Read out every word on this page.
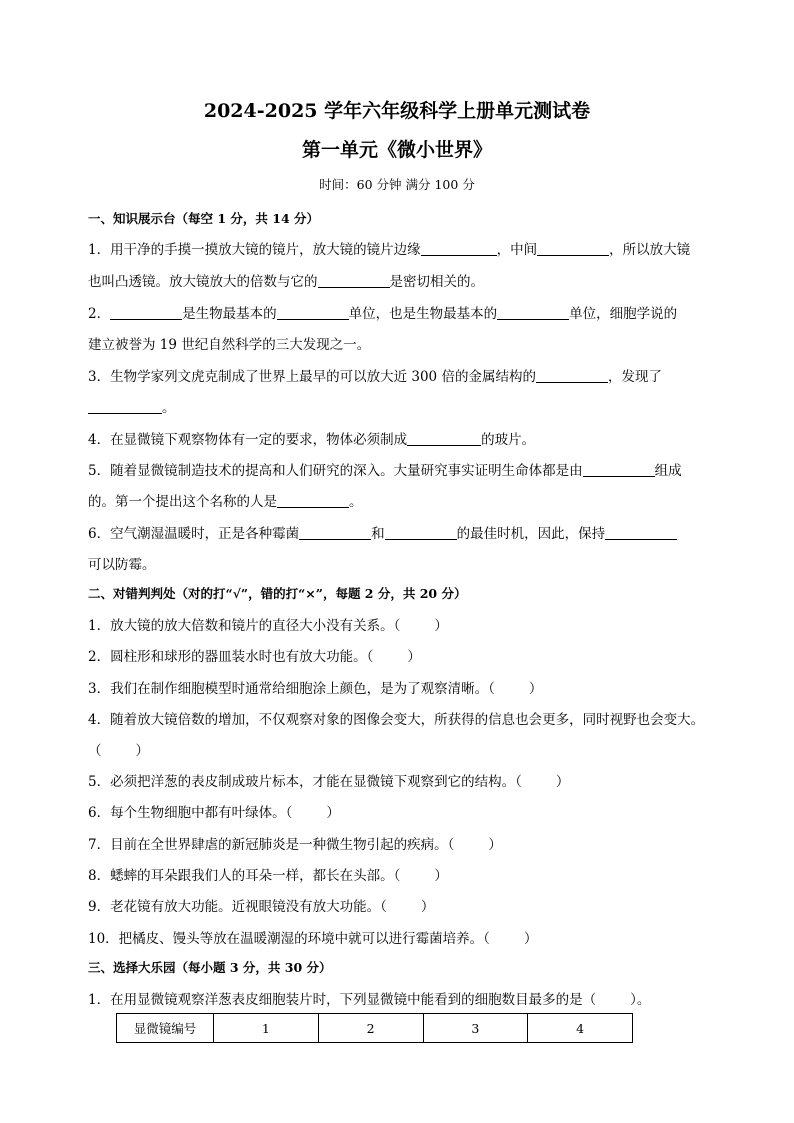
2024-2025 学年六年级科学上册单元测试卷
第一单元《微小世界》
时间：60 分钟 满分 100 分
一、知识展示台（每空 1 分，共 14 分）
1．用干净的手摸一摸放大镜的镜片，放大镜的镜片边缘	，中间	，所以放大镜
也叫凸透镜。放大镜放大的倍数与它的	是密切相关的。
2．	是生物最基本的	单位，也是生物最基本的	单位，细胞学说的
建立被誉为 19 世纪自然科学的三大发现之一。
3．生物学家列文虎克制成了世界上最早的可以放大近 300 倍的金属结构的	，发现了
。
4．在显微镜下观察物体有一定的要求，物体必须制成	的玻片。
5．随着显微镜制造技术的提高和人们研究的深入。大量研究事实证明生命体都是由	组成
的。第一个提出这个名称的人是	。
6．空气潮湿温暖时，正是各种霉菌	和	的最佳时机，因此，保持
可以防霉。
二、对错判判处（对的打“√”，错的打“×”，每题 2 分，共 20 分）
1．放大镜的放大倍数和镜片的直径大小没有关系。（	）
2．圆柱形和球形的器皿装水时也有放大功能。（	）
3．我们在制作细胞模型时通常给细胞涂上颜色，是为了观察清晰。（	）
4．随着放大镜倍数的增加，不仅观察对象的图像会变大，所获得的信息也会更多，同时视野也会变大。
（	）
5．必须把洋葱的表皮制成玻片标本，才能在显微镜下观察到它的结构。（	）
6．每个生物细胞中都有叶绿体。（	）
7．目前在全世界肆虐的新冠肺炎是一种微生物引起的疾病。（	）
8．蟋蟀的耳朵跟我们人的耳朵一样，都长在头部。（	）
9．老花镜有放大功能。近视眼镜没有放大功能。（	）
10．把橘皮、馒头等放在温暖潮湿的环境中就可以进行霉菌培养。（	）
三、选择大乐园（每小题 3 分，共 30 分）
1．在用显微镜观察洋葱表皮细胞装片时，下列显微镜中能看到的细胞数目最多的是（	）。
显微镜编号	1	2	3	4
